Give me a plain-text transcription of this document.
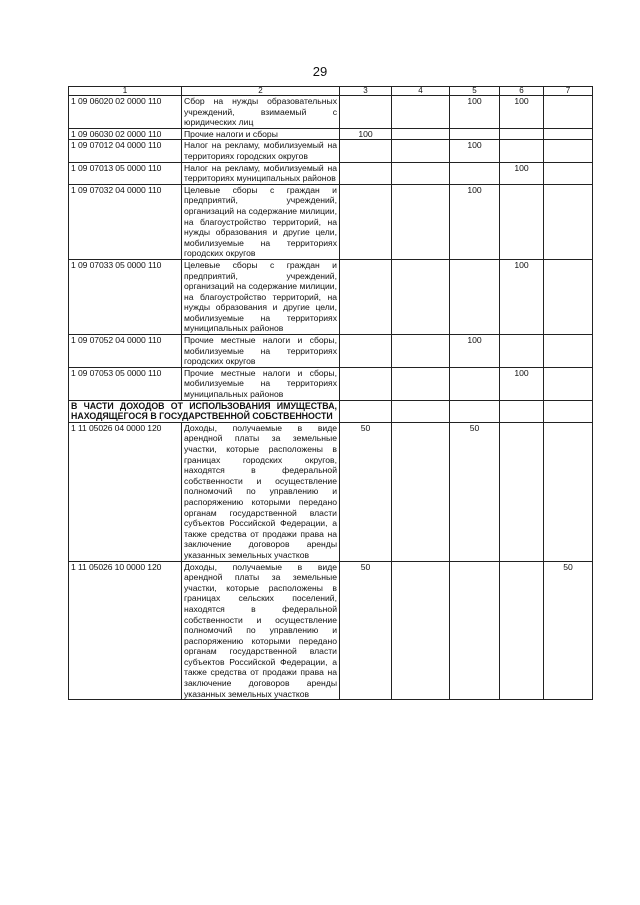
29
1	2	3	4	5	6	7
1 09 06020 02 0000 110	Сбор на нужды образовательных учреждений, взимаемый с юридических лиц			100	100	
1 09 06030 02 0000 110	Прочие налоги и сборы	100				
1 09 07012 04 0000 110	Налог на рекламу, мобилизуемый на территориях городских округов			100		
1 09 07013 05 0000 110	Налог на рекламу, мобилизуемый на территориях муниципальных районов				100	
1 09 07032 04 0000 110	Целевые сборы с граждан и предприятий, учреждений, организаций на содержание милиции, на благоустройство территорий, на нужды образования и другие цели, мобилизуемые на территориях городских округов			100		
1 09 07033 05 0000 110	Целевые сборы с граждан и предприятий, учреждений, организаций на содержание милиции, на благоустройство территорий, на нужды образования и другие цели, мобилизуемые на территориях муниципальных районов				100	
1 09 07052 04 0000 110	Прочие местные налоги и сборы, мобилизуемые на территориях городских округов			100		
1 09 07053 05 0000 110	Прочие местные налоги и сборы, мобилизуемые на территориях муниципальных районов				100	
В ЧАСТИ ДОХОДОВ ОТ ИСПОЛЬЗОВАНИЯ ИМУЩЕСТВА, НАХОДЯЩЕГОСЯ В ГОСУДАРСТВЕННОЙ СОБСТВЕННОСТИ						
1 11 05026 04 0000 120	Доходы, получаемые в виде арендной платы за земельные участки, которые расположены в границах городских округов, находятся в федеральной собственности и осуществление полномочий по управлению и распоряжению которыми передано органам государственной власти субъектов Российской Федерации, а также средства от продажи права на заключение договоров аренды указанных земельных участков	50		50		
1 11 05026 10 0000 120	Доходы, получаемые в виде арендной платы за земельные участки, которые расположены в границах сельских поселений, находятся в федеральной собственности и осуществление полномочий по управлению и распоряжению которыми передано органам государственной власти субъектов Российской Федерации, а также средства от продажи права на заключение договоров аренды указанных земельных участков	50				50
